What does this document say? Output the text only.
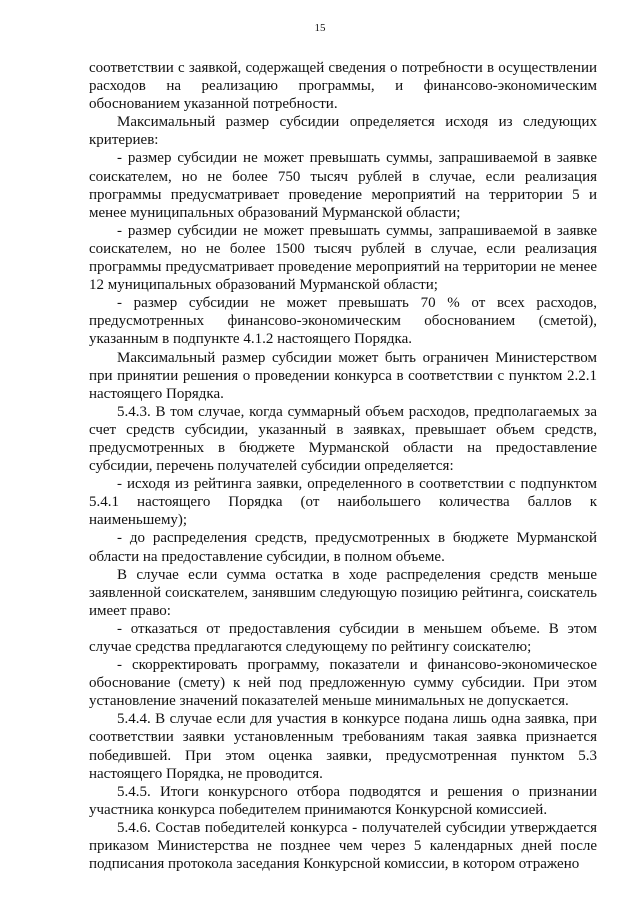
15

соответствии с заявкой, содержащей сведения о потребности в осуществлении расходов на реализацию программы, и финансово-экономическим обоснованием указанной потребности.

Максимальный размер субсидии определяется исходя из следующих критериев:

- размер субсидии не может превышать суммы, запрашиваемой в заявке соискателем, но не более 750 тысяч рублей в случае, если реализация программы предусматривает проведение мероприятий на территории 5 и менее муниципальных образований Мурманской области;

- размер субсидии не может превышать суммы, запрашиваемой в заявке соискателем, но не более 1500 тысяч рублей в случае, если реализация программы предусматривает проведение мероприятий на территории не менее 12 муниципальных образований Мурманской области;

- размер субсидии не может превышать 70 % от всех расходов, предусмотренных финансово-экономическим обоснованием (сметой), указанным в подпункте 4.1.2 настоящего Порядка.

Максимальный размер субсидии может быть ограничен Министерством при принятии решения о проведении конкурса в соответствии с пунктом 2.2.1 настоящего Порядка.

5.4.3. В том случае, когда суммарный объем расходов, предполагаемых за счет средств субсидии, указанный в заявках, превышает объем средств, предусмотренных в бюджете Мурманской области на предоставление субсидии, перечень получателей субсидии определяется:

- исходя из рейтинга заявки, определенного в соответствии с подпунктом 5.4.1 настоящего Порядка (от наибольшего количества баллов к наименьшему);

- до распределения средств, предусмотренных в бюджете Мурманской области на предоставление субсидии, в полном объеме.

В случае если сумма остатка в ходе распределения средств меньше заявленной соискателем, занявшим следующую позицию рейтинга, соискатель имеет право:

- отказаться от предоставления субсидии в меньшем объеме. В этом случае средства предлагаются следующему по рейтингу соискателю;

- скорректировать программу, показатели и финансово-экономическое обоснование (смету) к ней под предложенную сумму субсидии. При этом установление значений показателей меньше минимальных не допускается.

5.4.4. В случае если для участия в конкурсе подана лишь одна заявка, при соответствии заявки установленным требованиям такая заявка признается победившей. При этом оценка заявки, предусмотренная пунктом 5.3 настоящего Порядка, не проводится.

5.4.5. Итоги конкурсного отбора подводятся и решения о признании участника конкурса победителем принимаются Конкурсной комиссией.

5.4.6. Состав победителей конкурса - получателей субсидии утверждается приказом Министерства не позднее чем через 5 календарных дней после подписания протокола заседания Конкурсной комиссии, в котором отражено
